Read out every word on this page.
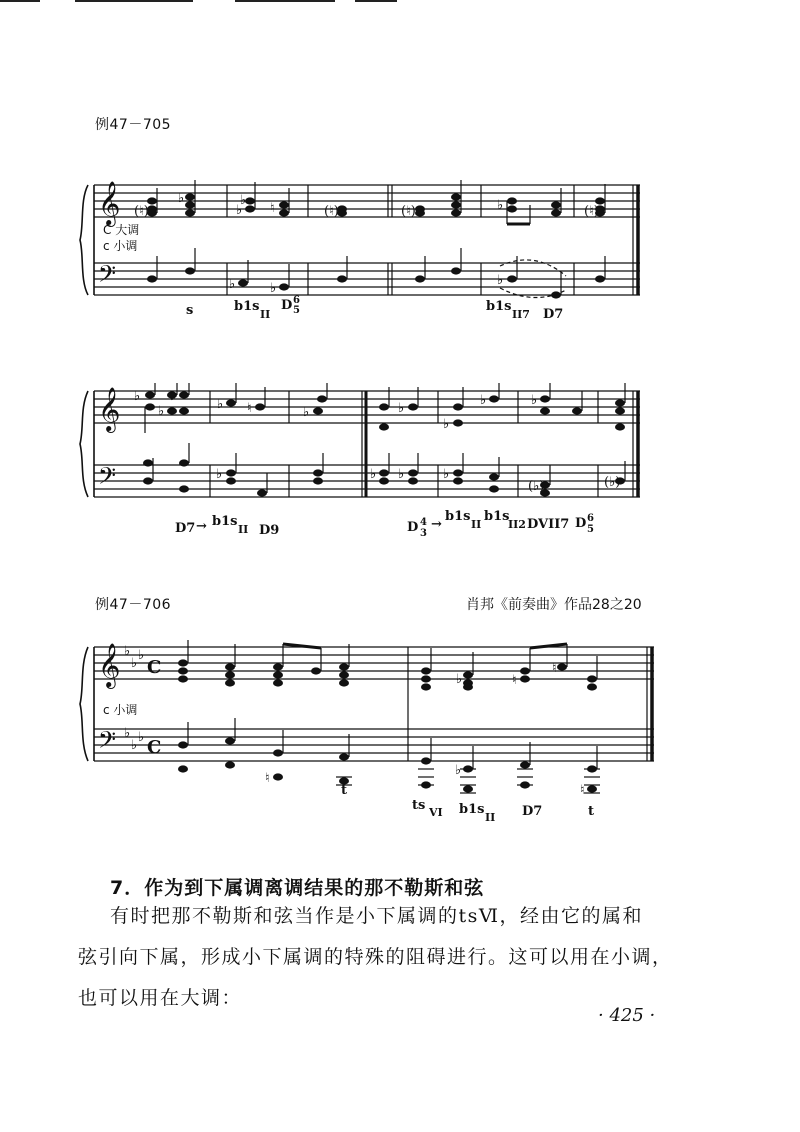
例47－705
𝄞
𝄢
(♮)
♭
♭
♭
♮	(♮)	(♮)	♭	(♮)
♭	♭
♭
C 大调
c 小调
s	b1s
II
D 6
5	b1s
II7 D7
𝄞
𝄢
♭
♭
♭
♭ ♮	♭	♭
♭
♭	♭
♭	♭ ♭	♭
(♭)	(♭)
D7 → b1s
II D9	D 4
3
→
b1s
II
b1s
II2 DVII7 D 6
5
例47－706	肖邦《前奏曲》作品28之20
𝄞
𝄢
♭
♭
♭
C
♭
♭
♭ C
♭	♮
♮
♮
♭
♮
c 小调
t
ts VI b1s
II D7	t
7．作为到下属调离调结果的那不勒斯和弦
有时把那不勒斯和弦当作是小下属调的tsⅥ，经由它的属和
弦引向下属，形成小下属调的特殊的阻碍进行。这可以用在小调，
也可以用在大调：
· 425 ·
